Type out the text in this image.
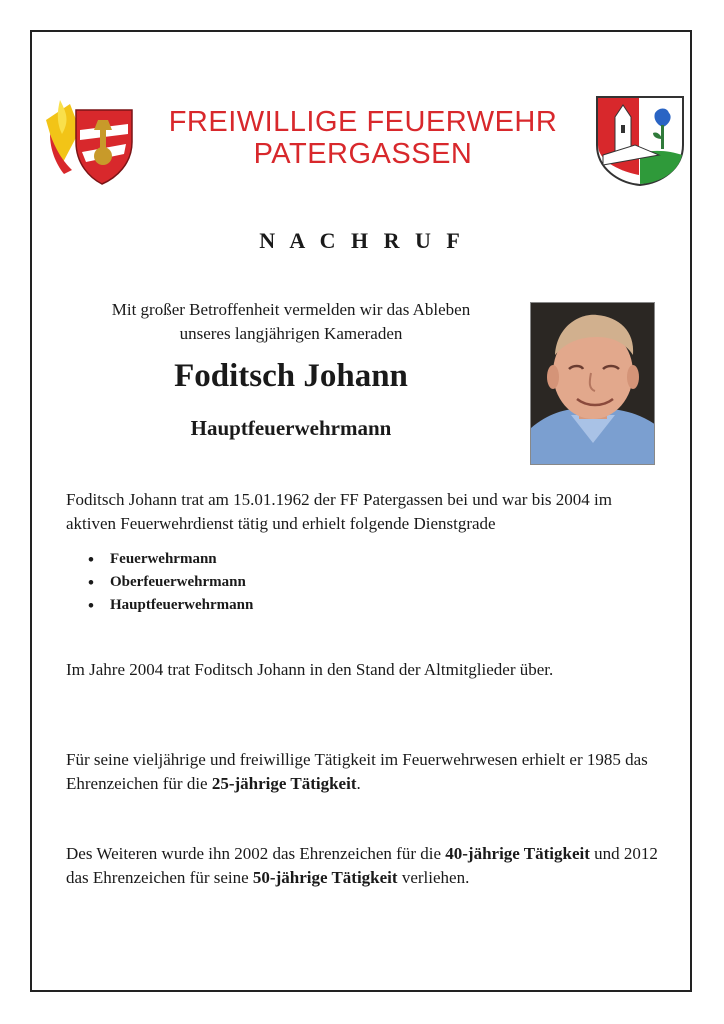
FREIWILLIGE FEUERWEHR
PATERGASSEN
N A C H R U F
Mit großer Betroffenheit vermelden wir das Ableben
unseres langjährigen Kameraden
Foditsch Johann
Hauptfeuerwehrmann
Foditsch Johann trat am 15.01.1962 der FF Patergassen bei und war bis 2004 im aktiven Feuerwehrdienst tätig und erhielt folgende Dienstgrade
• Feuerwehrmann
• Oberfeuerwehrmann
• Hauptfeuerwehrmann
Im Jahre 2004 trat Foditsch Johann in den Stand der Altmitglieder über.
Für seine vieljährige und freiwillige Tätigkeit im Feuerwehrwesen erhielt er 1985 das Ehrenzeichen für die 25-jährige Tätigkeit.
Des Weiteren wurde ihn 2002 das Ehrenzeichen für die 40-jährige Tätigkeit und 2012 das Ehrenzeichen für seine 50-jährige Tätigkeit verliehen.
